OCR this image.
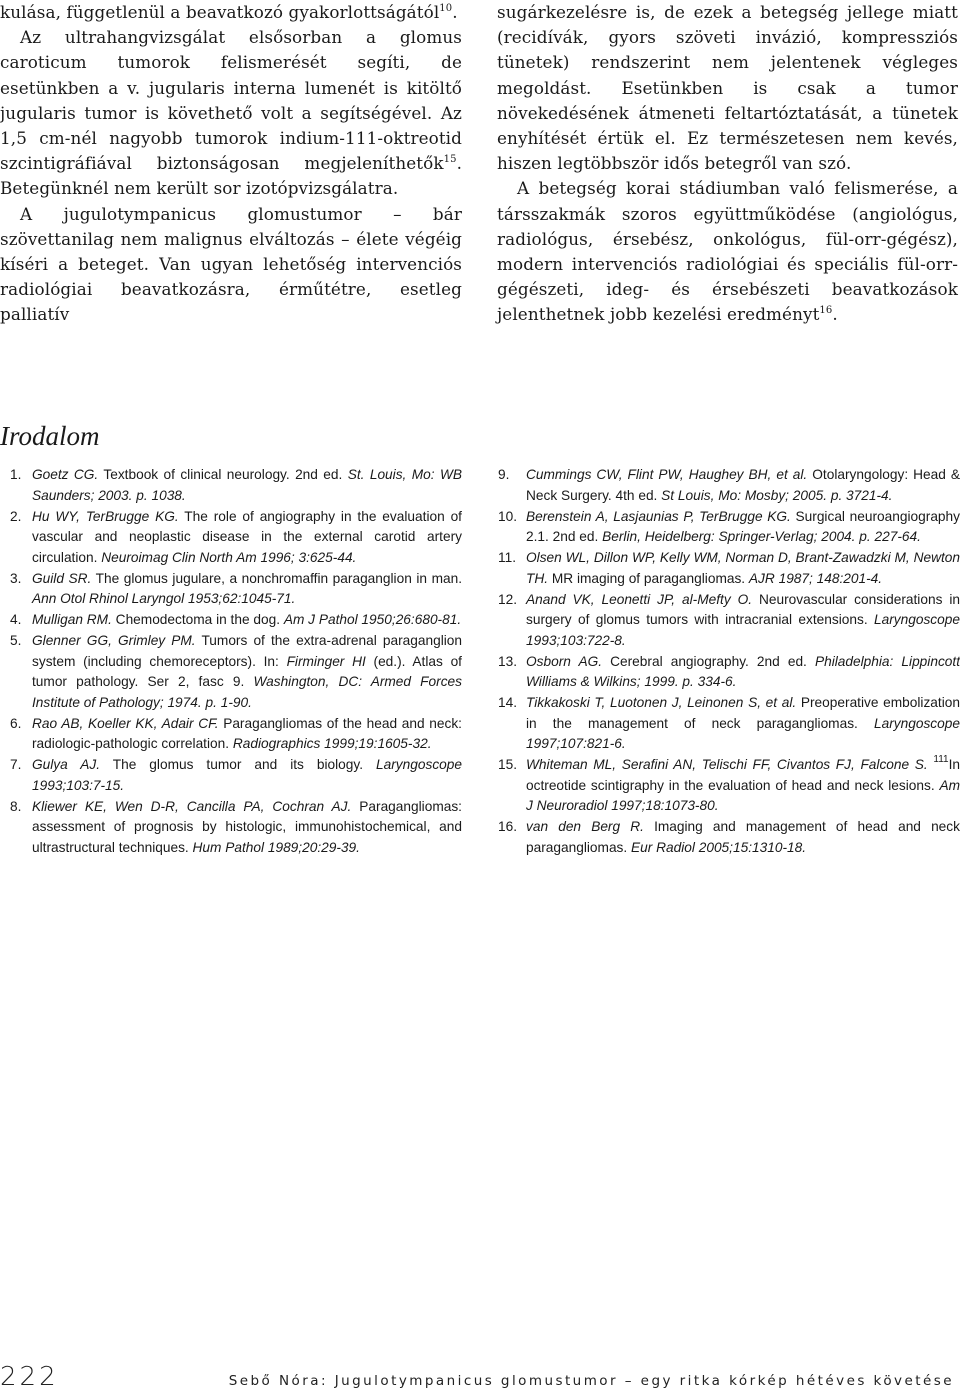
kulása, függetlenül a beavatkozó gyakorlottságától$^{10}$.

Az ultrahangvizsgálat elsősorban a glomus caroticum tumorok felismerését segíti, de esetünkben a v. jugularis interna lumenét is kitöltő jugularis tumor is követhető volt a segítségével. Az 1,5 cm-nél nagyobb tumorok indium-111-oktreotid szcintigráfiával biztonságosan megjeleníthetők$^{15}$. Betegünknél nem került sor izotópvizsgálatra.

A jugulotympanicus glomustumor – bár szövettanilag nem malignus elváltozás – élete végéig kíséri a beteget. Van ugyan lehetőség intervenciós radiológiai beavatkozásra, érműtétre, esetleg palliatív

sugárkezelésre is, de ezek a betegség jellege miatt (recidívák, gyors szöveti invázió, kompressziós tünetek) rendszerint nem jelentenek végleges megoldást. Esetünkben is csak a tumor növekedésének átmeneti feltartóztatását, a tünetek enyhítését értük el. Ez természetesen nem kevés, hiszen legtöbbször idős betegről van szó.

A betegség korai stádiumban való felismerése, a társszakmák szoros együttműködése (angiológus, radiológus, érsebész, onkológus, fül-orr-gégész), modern intervenciós radiológiai és speciális fül-orr-gégészeti, ideg- és érsebészeti beavatkozások jelenthetnek jobb kezelési eredményt$^{16}$.

Irodalom
1. Goetz CG. Textbook of clinical neurology. 2nd ed. St. Louis, Mo: WB Saunders; 2003. p. 1038.
2. Hu WY, TerBrugge KG. The role of angiography in the evaluation of vascular and neoplastic disease in the external carotid artery circulation. Neuroimag Clin North Am 1996; 3:625-44.
3. Guild SR. The glomus jugulare, a nonchromaffin paraganglion in man. Ann Otol Rhinol Laryngol 1953;62:1045-71.
4. Mulligan RM. Chemodectoma in the dog. Am J Pathol 1950;26:680-81.
5. Glenner GG, Grimley PM. Tumors of the extra-adrenal paraganglion system (including chemoreceptors). In: Firminger HI (ed.). Atlas of tumor pathology. Ser 2, fasc 9. Washington, DC: Armed Forces Institute of Pathology; 1974. p. 1-90.
6. Rao AB, Koeller KK, Adair CF. Paragangliomas of the head and neck: radiologic-pathologic correlation. Radiographics 1999;19:1605-32.
7. Gulya AJ. The glomus tumor and its biology. Laryngoscope 1993;103:7-15.
8. Kliewer KE, Wen D-R, Cancilla PA, Cochran AJ. Paragangliomas: assessment of prognosis by histologic, immunohistochemical, and ultrastructural techniques. Hum Pathol 1989;20:29-39.
9.	Cummings CW, Flint PW, Haughey BH, et al. Otolaryngology: Head & Neck Surgery. 4th ed. St Louis, Mo: Mosby; 2005. p. 3721-4.
10. Berenstein A, Lasjaunias P, TerBrugge KG. Surgical neuroangiography 2.1. 2nd ed. Berlin, Heidelberg: Springer-Verlag; 2004. p. 227-64.
11. Olsen WL, Dillon WP, Kelly WM, Norman D, Brant-Zawadzki M, Newton TH. MR imaging of paragangliomas. AJR 1987; 148:201-4.
12. Anand VK, Leonetti JP, al-Mefty O. Neurovascular considerations in surgery of glomus tumors with intracranial extensions. Laryngoscope 1993;103:722-8.
13. Osborn AG. Cerebral angiography. 2nd ed. Philadelphia: Lippincott Williams & Wilkins; 1999. p. 334-6.
14. Tikkakoski T, Luotonen J, Leinonen S, et al. Preoperative embolization in the management of neck paragangliomas. Laryngoscope 1997;107:821-6.
15. Whiteman ML, Serafini AN, Telischi FF, Civantos FJ, Falcone S. $^{111}$In octreotide scintigraphy in the evaluation of head and neck lesions. Am J Neuroradiol 1997;18:1073-80.
16. van den Berg R. Imaging and management of head and neck paragangliomas. Eur Radiol 2005;15:1310-18.
222	Sebő Nóra: Jugulotympanicus glomustumor – egy ritka kórkép hétéves követése
